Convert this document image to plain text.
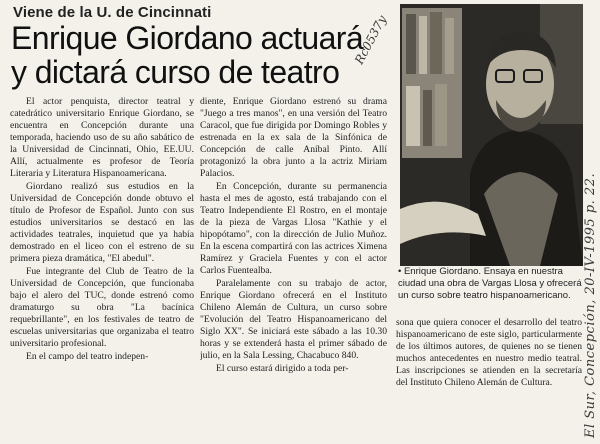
Viene de la U. de Cincinnati

Enrique Giordano actuará
y dictará curso de teatro

El actor penquista, director teatral y catedrático universitario Enrique Giordano, se encuentra en Concepción durante una temporada, haciendo uso de su año sabático de la Universidad de Cincinnati, Ohio, EE.UU. Allí, actualmente es profesor de Teoría Literaria y Literatura Hispanoamericana.

Giordano realizó sus estudios en la Universidad de Concepción donde obtuvo el título de Profesor de Español. Junto con sus estudios universitarios se destacó en las actividades teatrales, inquietud que ya había demostrado en el liceo con el estreno de su primera pieza dramática, "El abedul".

Fue integrante del Club de Teatro de la Universidad de Concepción, que funcionaba bajo el alero del TUC, donde estrenó como dramaturgo su obra "La bacínica requebrillante", en los festivales de teatro de escuelas universitarias que organizaba el teatro universitario profesional.

En el campo del teatro indepen-

diente, Enrique Giordano estrenó su drama "Juego a tres manos", en una versión del Teatro Caracol, que fue dirigida por Domingo Robles y estrenada en la ex sala de la Sinfónica de Concepción de calle Aníbal Pinto. Allí protagonizó la obra junto a la actriz Miriam Palacios.

En Concepción, durante su permanencia hasta el mes de agosto, está trabajando con el Teatro Independiente El Rostro, en el montaje de la pieza de Vargas Llosa "Kathie y el hipopótamo", con la dirección de Julio Muñoz. En la escena compartirá con las actrices Ximena Ramírez y Graciela Fuentes y con el actor Carlos Fuentealba.

Paralelamente con su trabajo de actor, Enrique Giordano ofrecerá en el Instituto Chileno Alemán de Cultura, un curso sobre "Evolución del Teatro Hispanoamericano del Siglo XX". Se iniciará este sábado a las 10.30 horas y se extenderá hasta el primer sábado de julio, en la Sala Lessing, Chacabuco 840.

El curso estará dirigido a toda per-

• Enrique Giordano. Ensaya en nuestra ciudad una obra de Vargas Llosa y ofrecerá un curso sobre teatro hispanoamericano.

sona que quiera conocer el desarrollo del teatro hispanoamericano de este siglo, particularmente de los últimos autores, de quienes no se tienen muchos antecedentes en nuestro medio teatral. Las inscripciones se atienden en la secretaría del Instituto Chileno Alemán de Cultura.

Rc0537y
El Sur, Concepción, 20-IV-1995 p. 22.
